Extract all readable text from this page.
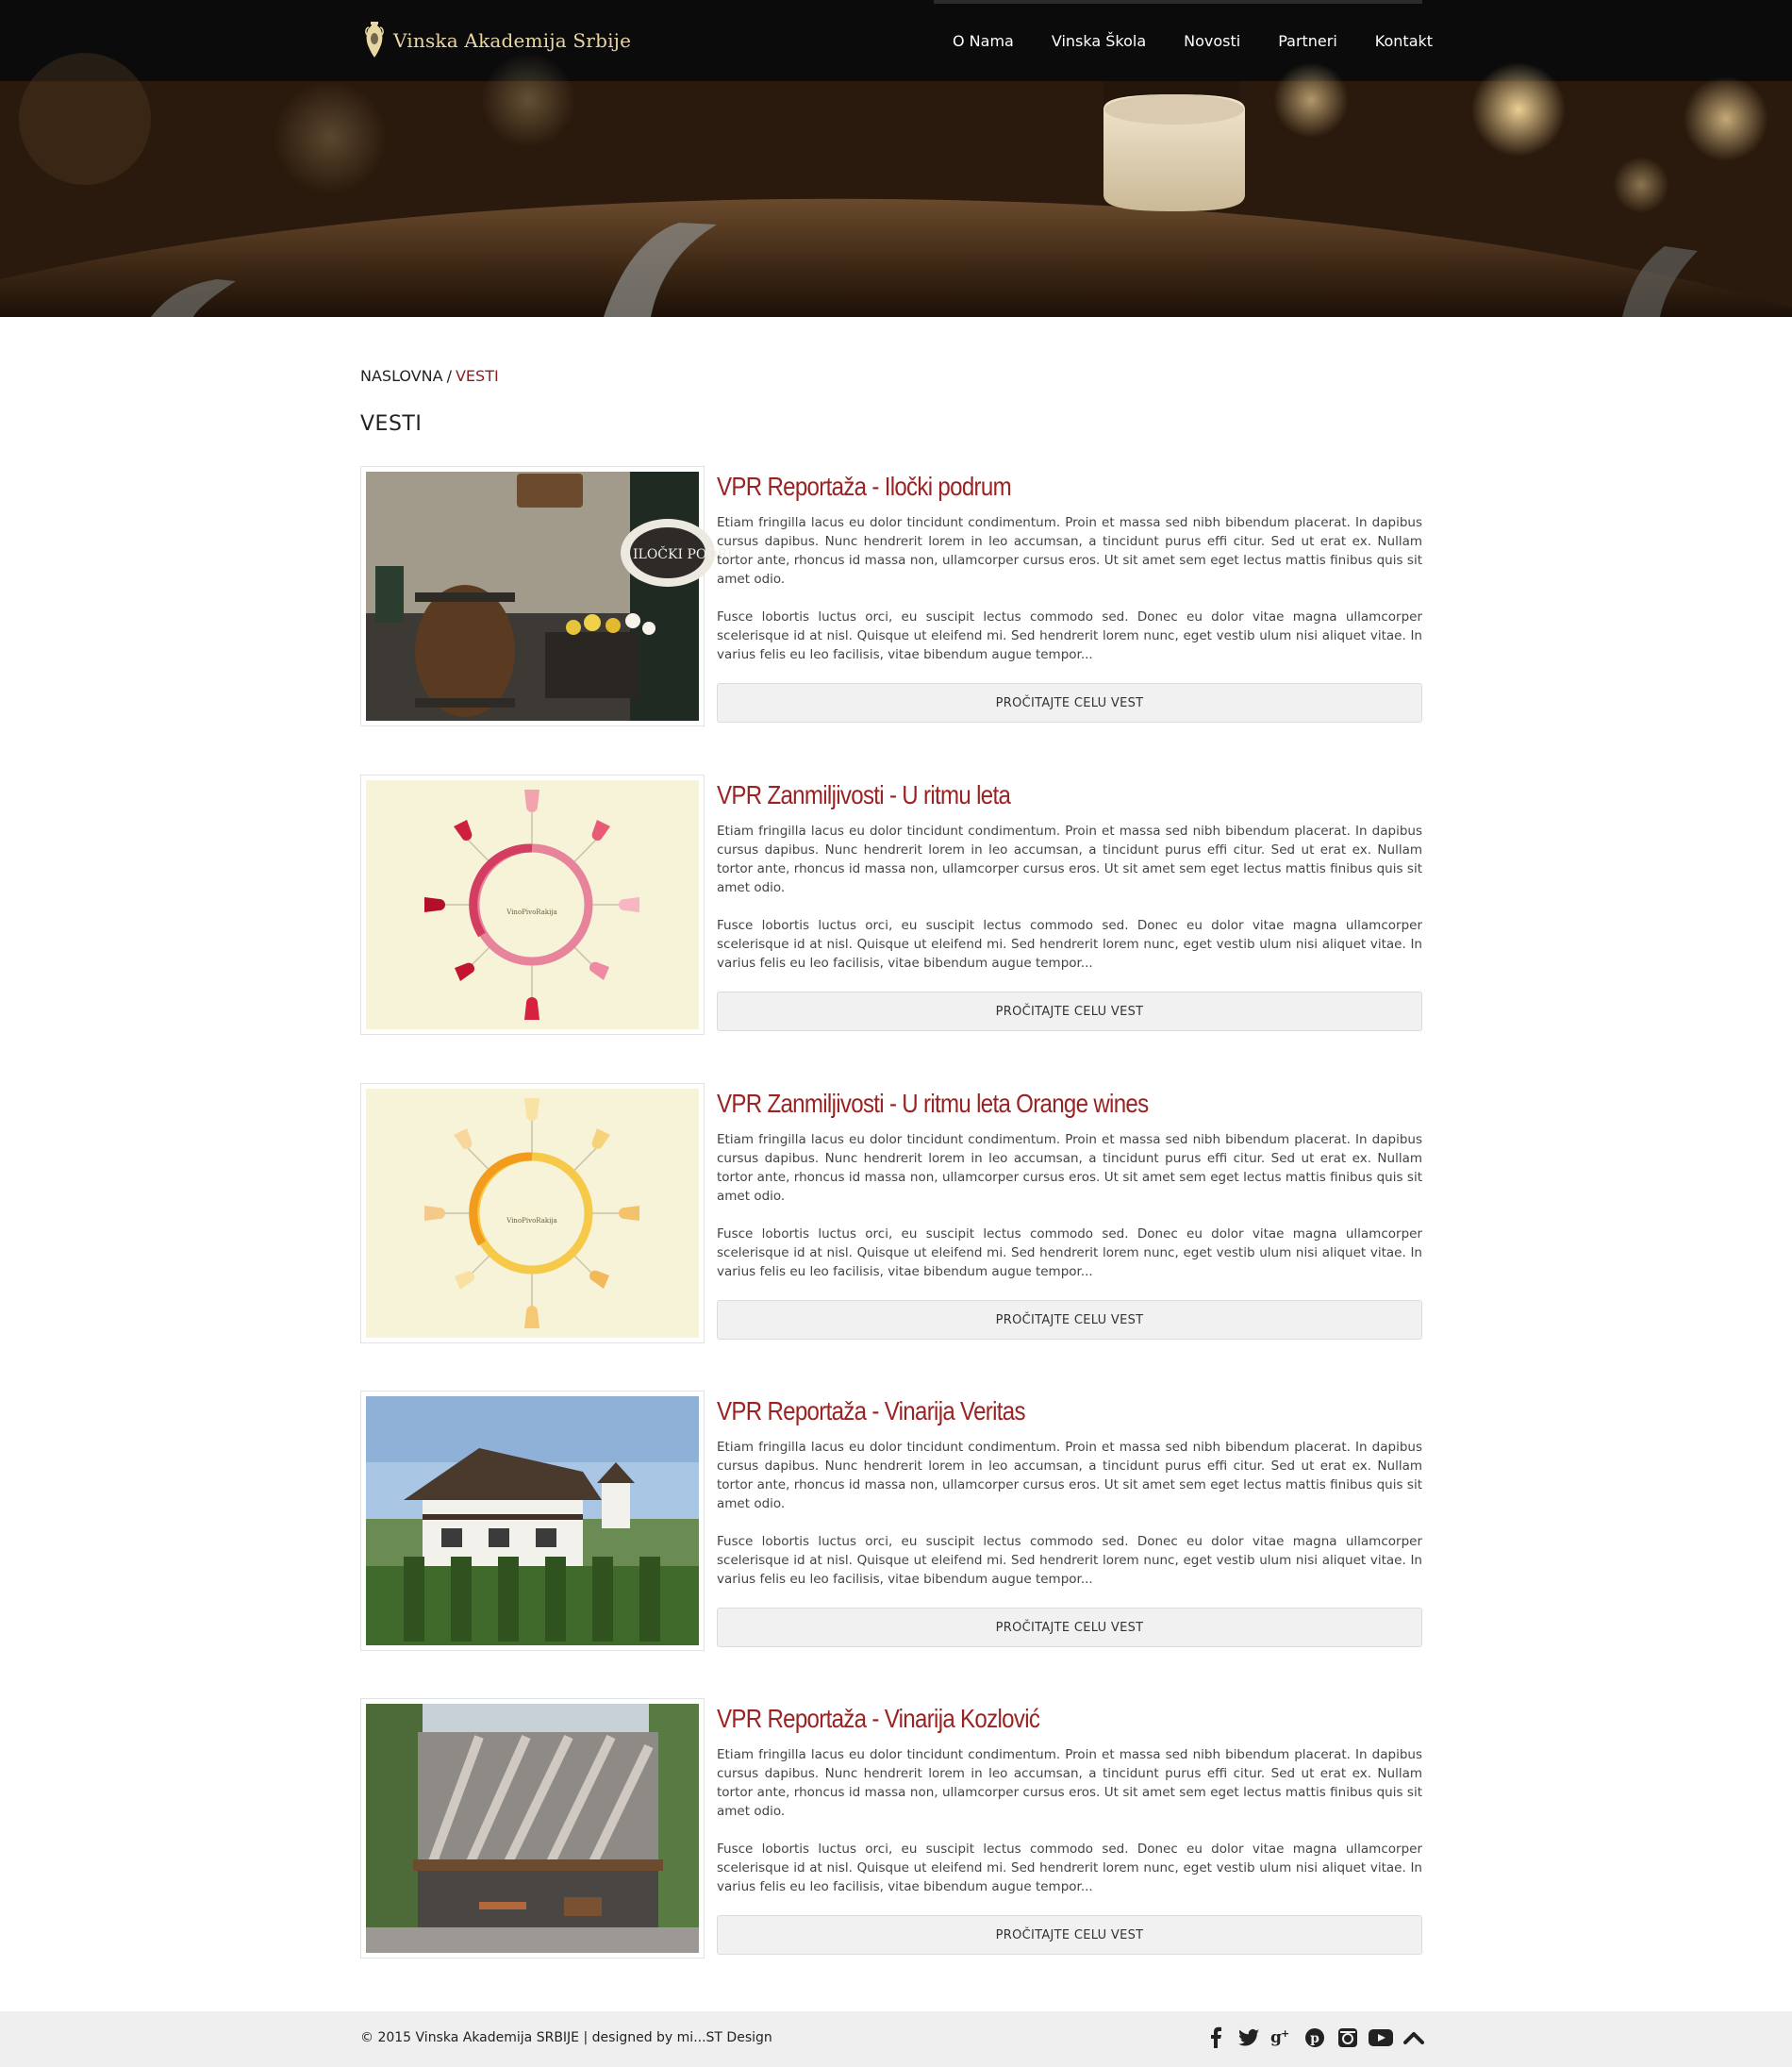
Vinska Akademija Srbije	O Nama	Vinska Škola	Novosti	Partneri	Kontakt
NASLOVNA / VESTI
VESTI
ILOČKI PODRU
VPR Reportaža - Iločki podrum

Etiam fringilla lacus eu dolor tincidunt condimentum. Proin et massa sed nibh bibendum placerat. In dapibus cursus dapibus. Nunc hendrerit lorem in leo accumsan, a tincidunt purus effi citur. Sed ut erat ex. Nullam tortor ante, rhoncus id massa non, ullamcorper cursus eros. Ut sit amet sem eget lectus mattis finibus quis sit amet odio.

Fusce lobortis luctus orci, eu suscipit lectus commodo sed. Donec eu dolor vitae magna ullamcorper scelerisque id at nisl. Quisque ut eleifend mi. Sed hendrerit lorem nunc, eget vestib ulum nisi aliquet vitae. In varius felis eu leo facilisis, vitae bibendum augue tempor...

PROČITAJTE CELU VEST
VinoPivoRakija
VPR Zanmiljivosti - U ritmu leta

Etiam fringilla lacus eu dolor tincidunt condimentum. Proin et massa sed nibh bibendum placerat. In dapibus cursus dapibus. Nunc hendrerit lorem in leo accumsan, a tincidunt purus effi citur. Sed ut erat ex. Nullam tortor ante, rhoncus id massa non, ullamcorper cursus eros. Ut sit amet sem eget lectus mattis finibus quis sit amet odio.

Fusce lobortis luctus orci, eu suscipit lectus commodo sed. Donec eu dolor vitae magna ullamcorper scelerisque id at nisl. Quisque ut eleifend mi. Sed hendrerit lorem nunc, eget vestib ulum nisi aliquet vitae. In varius felis eu leo facilisis, vitae bibendum augue tempor...

PROČITAJTE CELU VEST
VinoPivoRakija
VPR Zanmiljivosti - U ritmu leta Orange wines

Etiam fringilla lacus eu dolor tincidunt condimentum. Proin et massa sed nibh bibendum placerat. In dapibus cursus dapibus. Nunc hendrerit lorem in leo accumsan, a tincidunt purus effi citur. Sed ut erat ex. Nullam tortor ante, rhoncus id massa non, ullamcorper cursus eros. Ut sit amet sem eget lectus mattis finibus quis sit amet odio.

Fusce lobortis luctus orci, eu suscipit lectus commodo sed. Donec eu dolor vitae magna ullamcorper scelerisque id at nisl. Quisque ut eleifend mi. Sed hendrerit lorem nunc, eget vestib ulum nisi aliquet vitae. In varius felis eu leo facilisis, vitae bibendum augue tempor...

PROČITAJTE CELU VEST
VPR Reportaža - Vinarija Veritas

Etiam fringilla lacus eu dolor tincidunt condimentum. Proin et massa sed nibh bibendum placerat. In dapibus cursus dapibus. Nunc hendrerit lorem in leo accumsan, a tincidunt purus effi citur. Sed ut erat ex. Nullam tortor ante, rhoncus id massa non, ullamcorper cursus eros. Ut sit amet sem eget lectus mattis finibus quis sit amet odio.

Fusce lobortis luctus orci, eu suscipit lectus commodo sed. Donec eu dolor vitae magna ullamcorper scelerisque id at nisl. Quisque ut eleifend mi. Sed hendrerit lorem nunc, eget vestib ulum nisi aliquet vitae. In varius felis eu leo facilisis, vitae bibendum augue tempor...

PROČITAJTE CELU VEST
VPR Reportaža - Vinarija Kozlović

Etiam fringilla lacus eu dolor tincidunt condimentum. Proin et massa sed nibh bibendum placerat. In dapibus cursus dapibus. Nunc hendrerit lorem in leo accumsan, a tincidunt purus effi citur. Sed ut erat ex. Nullam tortor ante, rhoncus id massa non, ullamcorper cursus eros. Ut sit amet sem eget lectus mattis finibus quis sit amet odio.

Fusce lobortis luctus orci, eu suscipit lectus commodo sed. Donec eu dolor vitae magna ullamcorper scelerisque id at nisl. Quisque ut eleifend mi. Sed hendrerit lorem nunc, eget vestib ulum nisi aliquet vitae. In varius felis eu leo facilisis, vitae bibendum augue tempor...

PROČITAJTE CELU VEST
© 2015 Vinska Akademija SRBIJE | designed by mi...ST Design	g + p
